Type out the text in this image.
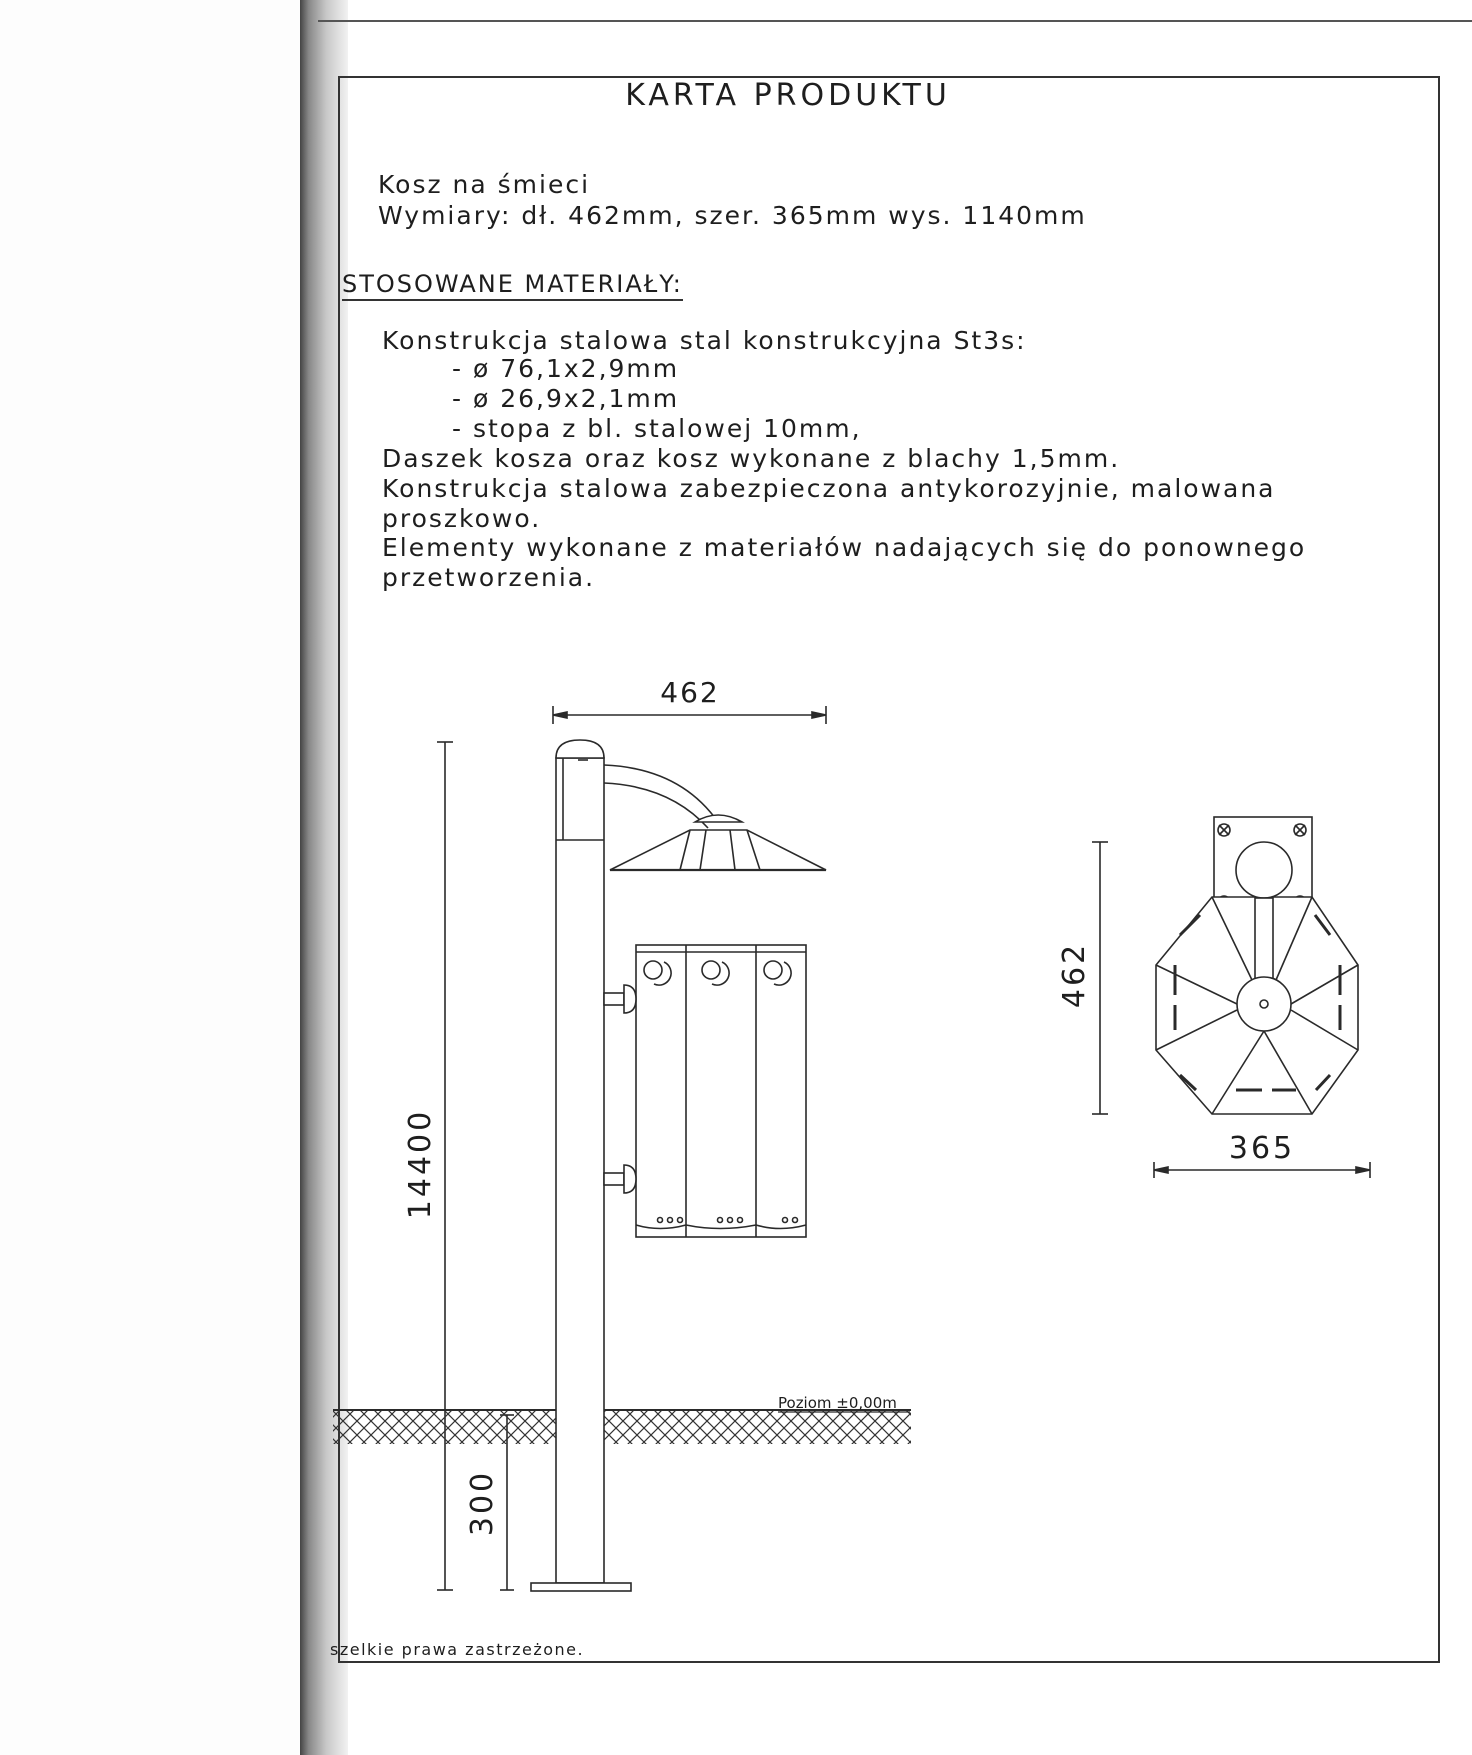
KARTA PRODUKTU
Kosz na śmieci
Wymiary: dł. 462mm, szer. 365mm wys. 1140mm
STOSOWANE MATERIAŁY:
Konstrukcja stalowa stal konstrukcyjna St3s:
- ø 76,1x2,9mm
- ø 26,9x2,1mm
- stopa z bl. stalowej 10mm,
Daszek kosza oraz kosz wykonane z blachy 1,5mm.
Konstrukcja stalowa zabezpieczona antykorozyjnie, malowana
proszkowo.
Elementy wykonane z materiałów nadających się do ponownego
przetworzenia.
szelkie prawa zastrzeżone.
462
14400
300
Poziom ±0,00m
462
365
